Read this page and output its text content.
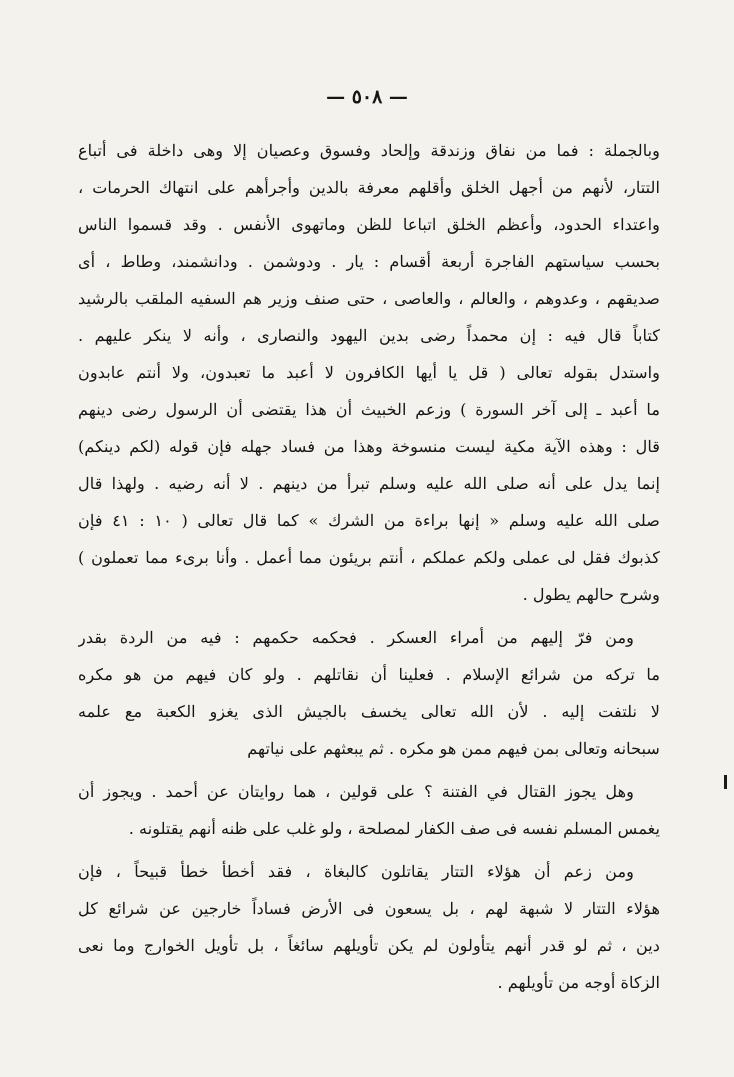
— ٥٠٨ —
وبالجملة : فما من نفاق وزندقة وإلحاد وفسوق وعصيان إلا وهى داخلة فى أتباع
التتار، لأنهم من أجهل الخلق وأقلهم معرفة بالدين وأجرأهم على انتهاك الحرمات ،
واعتداء الحدود، وأعظم الخلق اتباعا للظن وماتهوى الأنفس . وقد قسموا الناس
بحسب سياستهم الفاجرة أربعة أقسام : يار . ودوشمن . ودانشمند، وطاط ، أى
صديقهم ، وعدوهم ، والعالم ، والعاصى ، حتى صنف وزير هم السفيه الملقب بالرشيد
كتاباً قال فيه : إن محمداً رضى بدين اليهود والنصارى ، وأنه لا ينكر عليهم .
واستدل بقوله تعالى ( قل يا أيها الكافرون لا أعبد ما تعبدون، ولا أنتم عابدون
ما أعبد ـ إلى آخر السورة ) وزعم الخبيث أن هذا يقتضى أن الرسول رضى دينهم
قال : وهذه الآية مكية ليست منسوخة وهذا من فساد جهله فإن قوله (لكم دينكم)
إنما يدل على أنه صلى الله عليه وسلم تبرأ من دينهم . لا أنه رضيه . ولهذا قال
صلى الله عليه وسلم « إنها براءة من الشرك » كما قال تعالى ( ١٠ : ٤١ فإن
كذبوك فقل لى عملى ولكم عملكم ، أنتم بريئون مما أعمل . وأنا برىء مما تعملون )
وشرح حالهم يطول .
ومن فرّ إليهم من أمراء العسكر . فحكمه حكمهم : فيه من الردة بقدر
ما تركه من شرائع الإسلام . فعلينا أن نقاتلهم . ولو كان فيهم من هو مكره
لا نلتفت إليه . لأن الله تعالى يخسف بالجيش الذى يغزو الكعبة مع علمه
سبحانه وتعالى بمن فيهم ممن هو مكره . ثم يبعثهم على نياتهم
وهل يجوز القتال في الفتنة ؟ على قولين ، هما روايتان عن أحمد . ويجوز أن
يغمس المسلم نفسه فى صف الكفار لمصلحة ، ولو غلب على ظنه أنهم يقتلونه .
ومن زعم أن هؤلاء التتار يقاتلون كالبغاة ، فقد أخطأ خطأ قبيحاً ، فإن
هؤلاء التتار لا شبهة لهم ، بل يسعون فى الأرض فساداً خارجين عن شرائع كل
دين ، ثم لو قدر أنهم يتأولون لم يكن تأويلهم سائغاً ، بل تأويل الخوارج وما نعى
الزكاة أوجه من تأويلهم .
